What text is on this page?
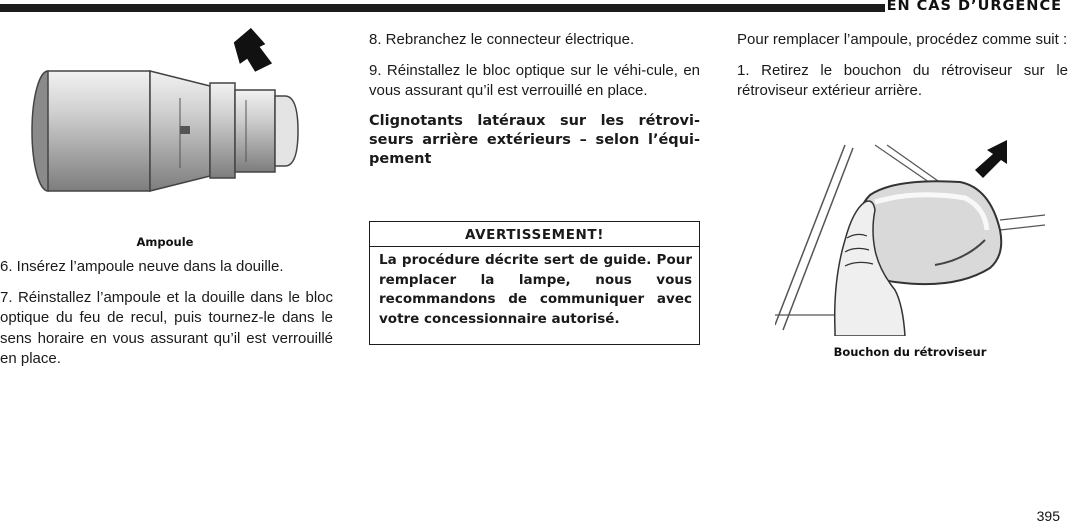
EN CAS D’URGENCE
Ampoule

6. Insérez l’ampoule neuve dans la douille.

7. Réinstallez l’ampoule et la douille dans le bloc optique du feu de recul, puis tournez-le dans le sens horaire en vous assurant qu’il est verrouillé en place.

8. Rebranchez le connecteur électrique.

9. Réinstallez le bloc optique sur le véhi-cule, en vous assurant qu’il est verrouillé en place.

Clignotants latéraux sur les rétrovi-seurs arrière extérieurs – selon l’équi-pement

AVERTISSEMENT!
La procédure décrite sert de guide. Pour remplacer la lampe, nous vous recommandons de communiquer avec votre concessionnaire autorisé.

Pour remplacer l’ampoule, procédez comme suit :

1. Retirez le bouchon du rétroviseur sur le rétroviseur extérieur arrière.

Bouchon du rétroviseur
395
